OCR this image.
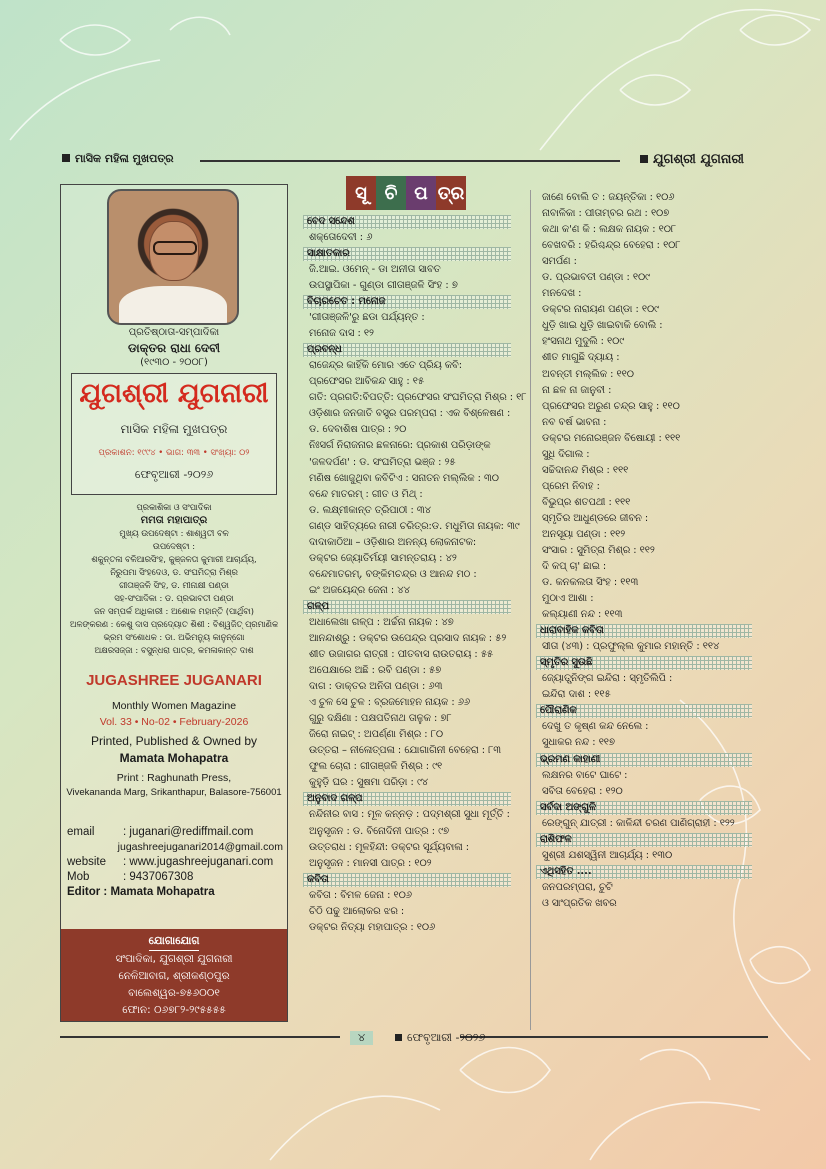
ମାସିକ ମହିଳା ମୁଖପତ୍ର	ଯୁଗଶ୍ରୀ ଯୁଗନାରୀ
ପ୍ରତିଷ୍ଠାତା-ସମ୍ପାଦିକା
ଡାକ୍ତର ରାଧା ଦେବୀ
(୧୯୩୦ - ୨୦୦୮)
ଯୁଗଶ୍ରୀ ଯୁଗନାରୀ
ମାସିକ ମହିଳା ମୁଖପତ୍ର
ପ୍ରକାଶନ: ୧୯୯୪ • ଭାଗ: ୩୩ • ସଂଖ୍ୟା: ୦୨
ଫେବୃଆରୀ -୨୦୨୬
ପ୍ରକାଶିକା ଓ ସଂପାଦିକା
ମମତା ମହାପାତ୍ର
ମୁଖ୍ୟ ଉପଦେଷ୍ଟା : ଶାଶ୍ୱତୀ ବଳ
ଉପଦେଷ୍ଟା :
ଶକୁନ୍ତଳା ବଳିଆରସିଂହ, କୁଞ୍ଜଳତା କୁମାରୀ ଆଚାର୍ଯ୍ୟ,
ନିରୁପମା ସିଂହଦେଓ, ଡ. ସଂଘମିତ୍ରା ମିଶ୍ର
ଗୀତାଞ୍ଜଳି ସିଂହ, ଡ. ମୀନାକ୍ଷୀ ପଣ୍ଡା
ସହ-ସଂପାଦିକା : ଡ. ପ୍ରଭାବତୀ ପଣ୍ଡା
ଜନ ସମ୍ପର୍କ ଅଧିକାରୀ : ଅଶୋକ ମହାନ୍ତି (ପାର୍ଥିବା)
ଅଳଙ୍କରଣ : କେଶୁ ଦାସ ପ୍ରଦ୍ୟୋତ ଶିଶୀ : ବିଶ୍ୱଜିତ୍ ପ୍ରମାଣିକ
ଭ୍ରମ ସଂଶୋଧକ : ଡା. ଅଭିମନ୍ୟୁ କାନୁନ୍‌ଗୋ
ଅକ୍ଷରସଜ୍ଜା : ବସୁନ୍ଧରା ପାତ୍ର, କମଳାକାନ୍ତ ଦାଶ
JUGASHREE JUGANARI
Monthly Women Magazine
Vol. 33 • No-02 • February-2026
Printed, Published & Owned by
Mamata Mohapatra
Print : Raghunath Press,
Vivekananda Marg, Srikanthapur, Balasore-756001
email	: juganari@rediffmail.com
jugashreejuganari2014@gmail.com
website	: www.jugashreejuganari.com
Mob	: 9437067308
Editor : Mamata Mohapatra
ଯୋଗାଯୋଗ
ସଂପାଦିକା, ଯୁଗଶ୍ରୀ ଯୁଗନାରୀ
ନେଳିଆବାଗ, ଶ୍ରୀକଣ୍ଠପୁର
ବାଲେଶ୍ୱର-୭୫୬୦୦୧
ଫୋନ: ୦୬୭୮୨-୨୯୫୫୫୫
ସୂ ଚି ପ ତ୍ର
ବେଦ ସନ୍ଦେଶ
ଶକ୍ତୋଦେବୀ : ୬
ସାକ୍ଷାତକାର
ଜି.ଆଇ. ଓମେନ୍ - ଡା ଅନୀତା ସାବତ
ଉପସ୍ଥାପିକା - ଗୁଣ୍ଡା ଗୀତାଞ୍ଜଳି ସିଂହ : ୭
ବିଚାରଚେତ : ମନୋଜ
'ଗୀତାଞ୍ଜଳି'ରୁ ଛଡା ପର୍ଯ୍ୟନ୍ତ :
ମନୋଜ ଦାସ : ୧୨
ପ୍ରବନ୍ଧ
ରାଜେନ୍ଦ୍ର କାହିଁକି ମୋର ଏତେ ପ୍ରିୟ କବି:
ପ୍ରଫେସର ଆବିକନ୍ଦ ସାହୁ : ୧୫
ଗତି: ପ୍ରଗତି:ବିପତ୍ତି: ପ୍ରଫେସର ସଂଘମିତ୍ରା ମିଶ୍ର : ୧୮
ଓଡ଼ିଶାର ଜନଜାତି ବସ୍ତ୍ର ପରମ୍ପରା : ଏକ ବିଶ୍ଳେଷଣ :
ଡ. ଦେବାଶିଷ ପାତ୍ର : ୨୦
ନିଃସର୍ଗ ନିରାଜନାର ଛଳନାରେ: ପ୍ରକାଶ ପରିଡ଼ାଙ୍କ
'ଜଳଦର୍ପଣ' : ଡ. ସଂଘମିତ୍ରା ଭଞ୍ଜ : ୨୫
ମଣିଷ ଖୋଜୁଥିବା କବିଟିଏ : ସନାତନ ମଲ୍ଲିକ : ୩୦
ବନ୍ଦେ ମାତରମ୍ : ଗୀତ ଓ ମିଥ୍ :
ଡ. ଲକ୍ଷ୍ମୀକାନ୍ତ ତ୍ରିପାଠୀ : ୩୪
ଗଣ୍ଡ ସାହିତ୍ୟରେ ନାରୀ ଚରିତ୍ର:ଡ. ମଧୁମିତା ନାୟକ: ୩୯
ଦାଦାକାଠିଆ – ଓଡ଼ିଶାର ଅନନ୍ୟ ଲୋକନାଟକ:
ଡକ୍ଟର ଜ୍ୟୋତିର୍ମୟୀ ସାମନ୍ତରାୟ : ୪୨
ବନ୍ଦେମାତରମ୍, ବଙ୍କିମଚନ୍ଦ୍ର ଓ ଆନନ୍ଦ ମଠ :
ଇଂ ଅଜୟେନ୍ଦ୍ର ଜେନା : ୪୪
ଗଳ୍ପ
ଅଧାଲେଖା ଗଳ୍ପ : ଅର୍ଚ୍ଚନା ନାୟକ : ୪୭
ଆନନ୍ଦାଶ୍ରୁ : ଡକ୍ଟର ଉପେନ୍ଦ୍ର ପ୍ରସାଦ ନାୟକ : ୫୨
ଶୀତ ଉଜାଗର ରାତ୍ରୀ : ପୀତବାସ ରାଉତରାୟ : ୫୫
ଅପେକ୍ଷାରେ ଅଛି : ରବି ପଣ୍ଡା : ୫୭
ଦାଗ : ଡାକ୍ତର ଅନିତା ପଣ୍ଡା : ୬୩
ଏ ଚୁଳ ସେ ଚୁଳ : ବ୍ରଜମୋହନ ନାୟକ : ୬୬
ଗୁରୁ ଦକ୍ଷିଣା : ପକ୍ଷପତିନାଥ ତାଳୁକ : ୭୮
ଜିରୋ ନାଇଟ୍ : ଅପର୍ଣ୍ଣା ମିଶ୍ର : ୮୦
ଉତ୍ତରା – ନୀଳୋତ୍ପଳା : ଯୋଗାଗିନୀ ବେହେରା : ୮୩
ଫୁଲ ଚୋରା : ଗୀତାଞ୍ଜଳି ମିଶ୍ର : ୯୧
କୁହୁଡ଼ି ଘର : ସୁଷମା ପରିଡ଼ା : ୯୪
ଅନୁବାଦ ଗଳ୍ପ
ନନ୍ଦିନୀର ବାସ : ମୂଳ କନ୍ନଡ଼ : ପଦ୍ମଶ୍ରୀ ସୁଧା ମୂର୍ତ୍ତି :
ଅନୁସୃଜନ : ଡ. ବିନୋଦିନୀ ପାତ୍ର : ୯୭
ଉତ୍ତରାଧ : ମୂଳହିନ୍ଦୀ: ଡକ୍ଟର ସୂର୍ଯ୍ୟବାଳା :
ଅନୁସୃଜନ : ମାନସୀ ପାତ୍ର : ୧୦୨
କବିତା
କବିତା : ବିମଳ ଜେନା : ୧୦୬
ଚିଠି ପଢୁ ଆଲୋକର ଝର :
ଡକ୍ଟର ନିତ୍ୟା ମହାପାତ୍ର : ୧୦୬
ଜାଣେ ବୋଲି ତ : ଜୟନ୍ତିକା : ୧୦୬
ନାବାଳିକା : ପୀତାମ୍ବର ରଥ : ୧୦୭
କଥା କ'ଣ କି : ଲକ୍ଷକ ନାୟକ : ୧୦୮
ବେଖବରି : ହରିଶ୍ଚନ୍ଦ୍ର ବେହେରା : ୧୦୮
ସମର୍ପଣ :
ଡ. ପ୍ରଭାବତୀ ପଣ୍ଡା : ୧୦୯
ମନଦେଖ :
ଡକ୍ଟର ନାରାୟଣ ପଣ୍ଡା : ୧୦୯
ଧୁଡ଼ି ଖାଇ ଧୁଡ଼ି ଖାଇବାକି ବୋଲି :
ହଂସନାଥ ମୁଦୁଲି : ୧୦୯
ଶୀତ ମାଗୁଛି ଦ୍ୟାୟ :
ଅବନ୍ତୀ ମଲ୍ଲିକ : ୧୧୦
ନା ଛଳ ନା ଜାନୁବୀ :
ପ୍ରଫେସର ଅରୁଣ ଚନ୍ଦ୍ର ସାହୁ : ୧୧୦
ନବ ବର୍ଷ ଭାବନା :
ଡକ୍ଟର ମନୋରଞ୍ଜନ ବିଷୋୟୀ : ୧୧୧
ସୁଧି ଦିଗାଲ :
ସଚ୍ଚିଦାନନ୍ଦ ମିଶ୍ର : ୧୧୧
ପ୍ରେମ ନିବାହ :
ବିଭୁପ୍ର ଶତପଥୀ : ୧୧୧
ସ୍ମୃତିର ଆଧୁଣ୍ଡରେ ଜୀବନ :
ଅନସୂୟା ପଣ୍ଡା : ୧୧୨
ସଂସାର : ସୁମିତ୍ରା ମିଶ୍ର : ୧୧୨
ଦି କପ୍ ଚା' ଛାଇ :
ଡ. କନକଲତା ସିଂହ : ୧୧୩
ମୁଠାଏ ଆଶା :
କଲ୍ୟାଣୀ ନନ୍ଦ : ୧୧୩
ଧାରାବାହିକ କବିତା
ସୀତା (୪୩) : ପ୍ରଫୁଲ୍ଲ କୁମାର ମହାନ୍ତି : ୧୧୪
ସ୍ମୃତିର ସୁଉଛି
ଜ୍ୟୋତ୍ସ୍ନିଙ୍ଗ ଇନ୍ଦିରା : ସ୍ମୃତିଲିପି :
ଇନ୍ଦିରା ଦାଶ : ୧୧୫
ପୌରାଣିକ
ଦେଖୁ ତ କୃଷ୍ଣ କନ୍ଦ ନେଲେ :
ସୁଧାକର ନନ୍ଦ : ୧୧୭
ଭ୍ରମଣ କାହାଣୀ
ଲକ୍ଷନର ବାଟେ ଘାଟେ :
ସବିତା ବେହେରା : ୧୨୦
ସର୍ବଦା ଅଙ୍ଗୁଳି
ରେଙ୍ଗୁନ୍ ଯାତ୍ରୀ : କାଳିନ୍ଦୀ ଚରଣ ପାଣିଗ୍ରାହୀ : ୧୨୨
ରାଶିଫଳ
ସୁଶ୍ରୀ ଯଶସ୍ୱିନୀ ଆଚାର୍ଯ୍ୟ : ୧୩୦
ଏଥିସହିତ ....
ଜନପରମ୍ପରା, ଚୁଟି
ଓ ସାଂପ୍ରତିକ ଖବର
୪	ଫେବୃଆରୀ -୨୦୨୬
